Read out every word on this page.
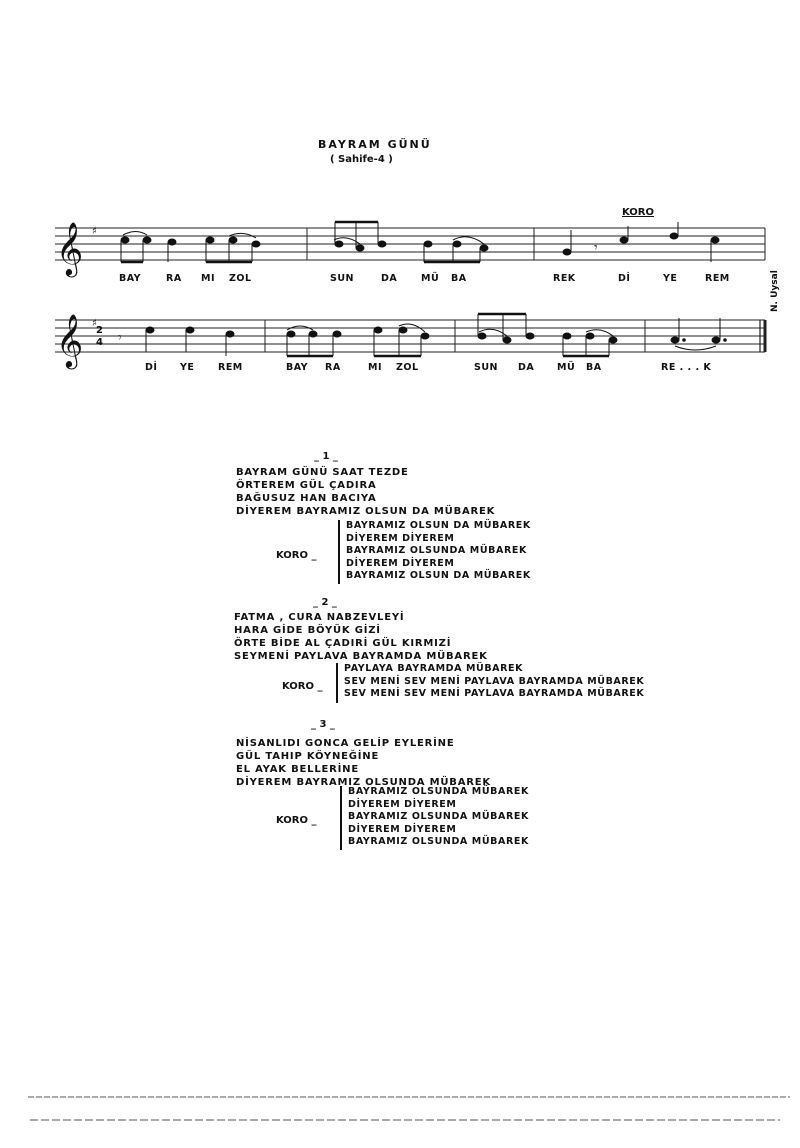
BAYRAM GÜNÜ
( Sahife-4 )
KORO
𝄞
𝄞
♯
♯
2
4
𝄾
𝄾
N. Uysal
BAY	RA MI ZOL	SUN	DA	MÜ BA	REK	Dİ	YE	REM
Dİ YE REM	BAY RA	MI ZOL	SUN DA MÜ BA	RE . . . K
_ 1 _
BAYRAM GÜNÜ SAAT TEZDE
ÖRTEREM GÜL ÇADIRA
BAĞUSUZ HAN BACIYA
DİYEREM BAYRAMIZ OLSUN DA MÜBAREK
KORO _
BAYRAMIZ OLSUN DA MÜBAREK
DİYEREM DİYEREM
BAYRAMIZ OLSUNDA MÜBAREK
DİYEREM DİYEREM
BAYRAMIZ OLSUN DA MÜBAREK
_ 2 _
FATMA , CURA NABZEVLEYİ
HARA GİDE BÖYÜK GİZİ
ÖRTE BİDE AL ÇADIRİ GÜL KIRMIZİ
SEYMENİ PAYLAVA BAYRAMDA MÜBAREK
KORO _
PAYLAYA BAYRAMDA MÜBAREK
SEV MENİ SEV MENİ PAYLAVA BAYRAMDA MÜBAREK
SEV MENİ SEV MENİ PAYLAVA BAYRAMDA MÜBAREK
_ 3 _
NİSANLIDI GONCA GELİP EYLERİNE
GÜL TAHIP KÖYNEĞİNE
EL AYAK BELLERİNE
DİYEREM BAYRAMIZ OLSUNDA MÜBAREK
KORO _
BAYRAMIZ OLSUNDA MÜBAREK
DİYEREM DİYEREM
BAYRAMIZ OLSUNDA MÜBAREK
DİYEREM DİYEREM
BAYRAMIZ OLSUNDA MÜBAREK
